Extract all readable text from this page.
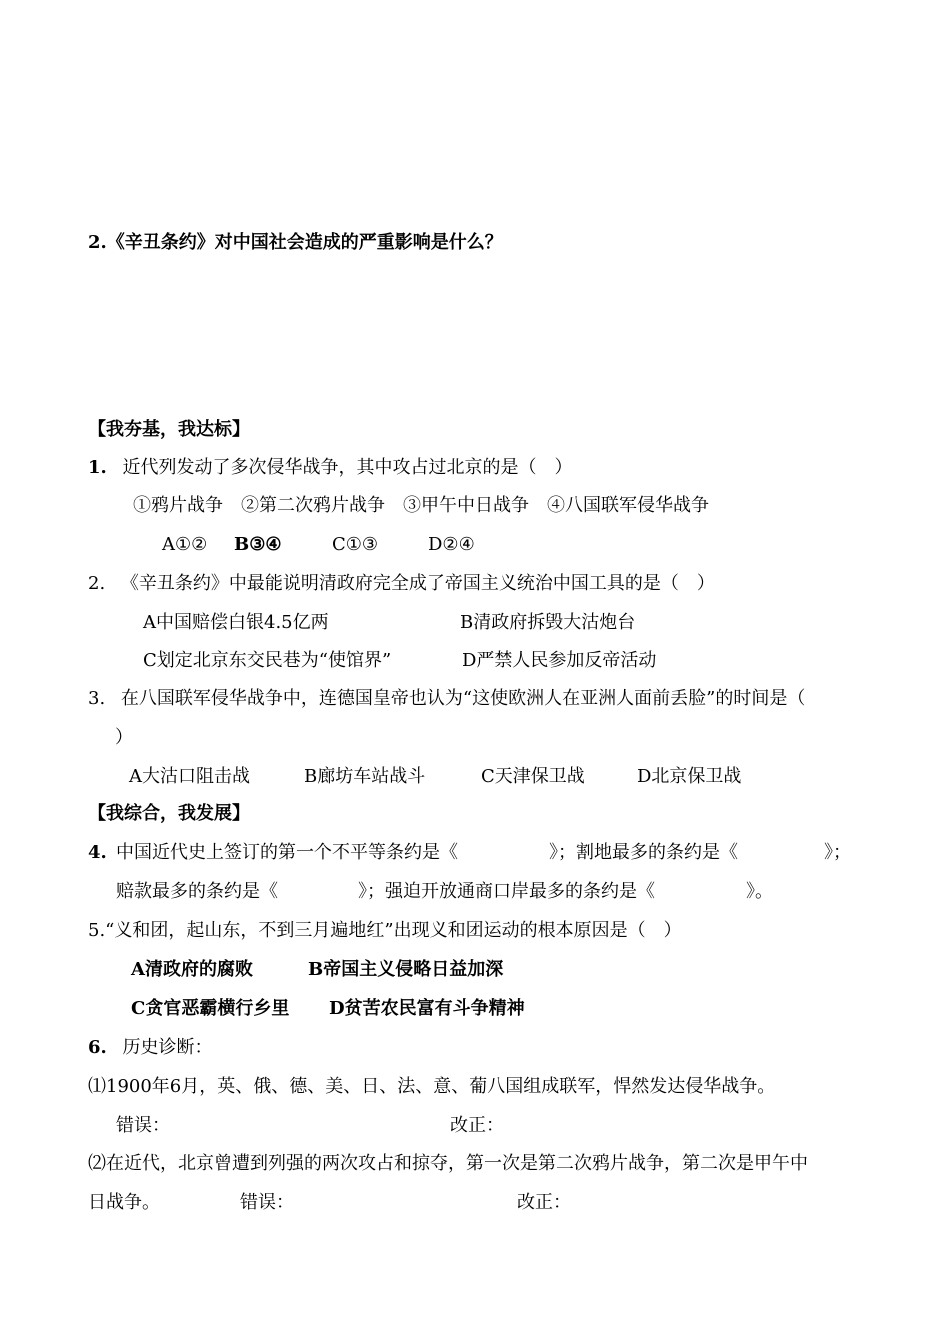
2.《辛丑条约》对中国社会造成的严重影响是什么？
【我夯基，我达标】
1. 近代列发动了多次侵华战争，其中攻占过北京的是（　）
①鸦片战争　②第二次鸦片战争　③甲午中日战争　④八国联军侵华战争
A①② B③④	C①③	D②④
2. 《辛丑条约》中最能说明清政府完全成了帝国主义统治中国工具的是（　）
A中国赔偿白银4.5亿两	B清政府拆毁大沽炮台
C划定北京东交民巷为“使馆界”	D严禁人民参加反帝活动
3. 在八国联军侵华战争中，连德国皇帝也认为“这使欧洲人在亚洲人面前丢脸”的时间是（
）
A大沽口阻击战	B廊坊车站战斗	C天津保卫战	D北京保卫战
【我综合，我发展】
4. 中国近代史上签订的第一个不平等条约是《	》；割地最多的条约是《	》；
赔款最多的条约是《	》；强迫开放通商口岸最多的条约是《	》。
5.“义和团，起山东，不到三月遍地红”出现义和团运动的根本原因是（　）
A清政府的腐败	B帝国主义侵略日益加深
C贪官恶霸横行乡里 D贫苦农民富有斗争精神
6. 历史诊断：
⑴1900年6月，英、俄、德、美、日、法、意、葡八国组成联军，悍然发达侵华战争。
错误：	改正：
⑵在近代，北京曾遭到列强的两次攻占和掠夺，第一次是第二次鸦片战争，第二次是甲午中
日战争。	错误：	改正：
